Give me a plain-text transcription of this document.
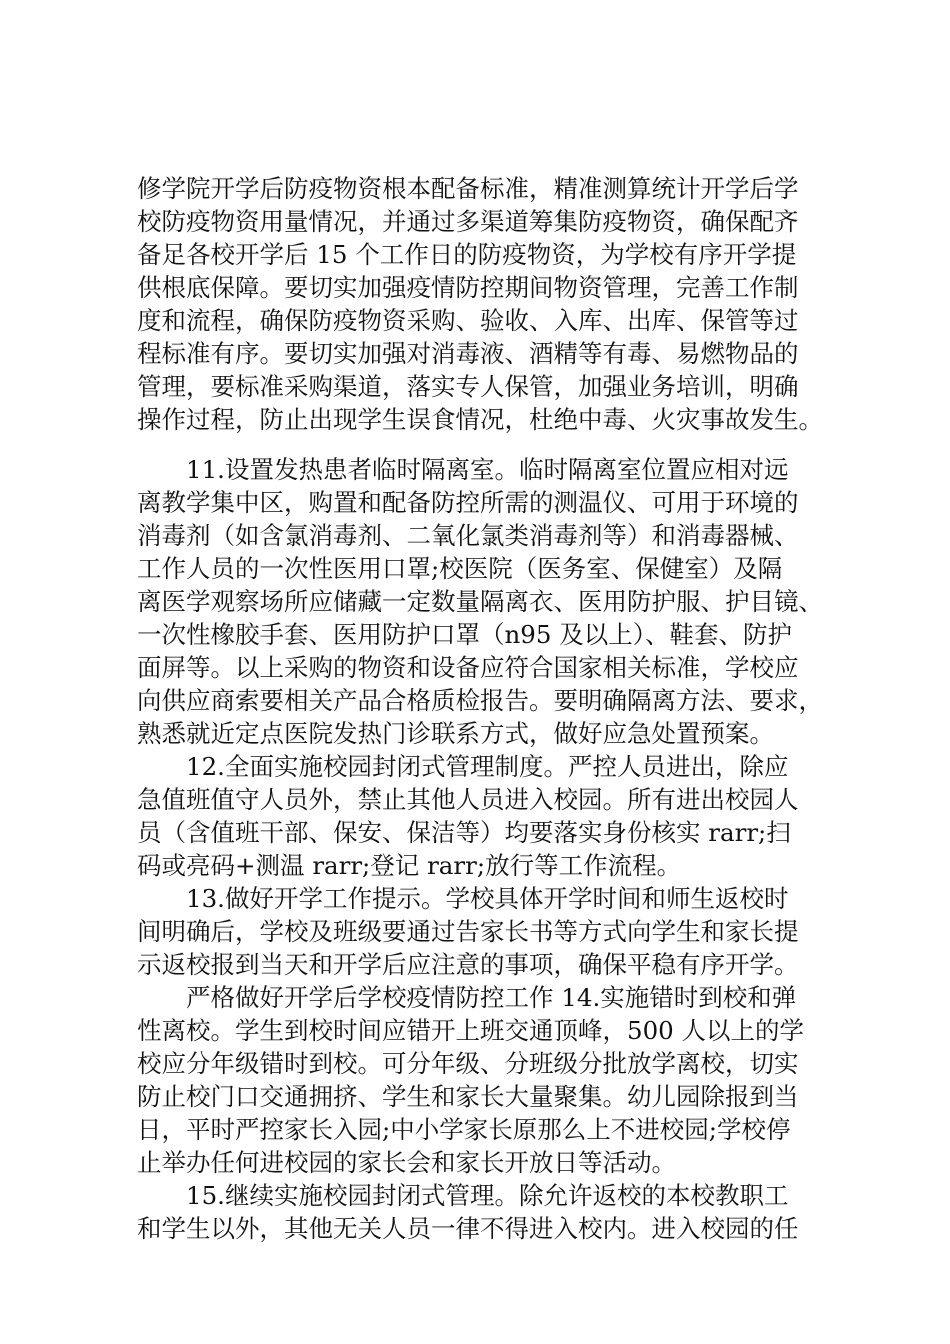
修学院开学后防疫物资根本配备标准，精准测算统计开学后学
校防疫物资用量情况，并通过多渠道筹集防疫物资，确保配齐
备足各校开学后 15 个工作日的防疫物资，为学校有序开学提
供根底保障。要切实加强疫情防控期间物资管理，完善工作制
度和流程，确保防疫物资采购、验收、入库、出库、保管等过
程标准有序。要切实加强对消毒液、酒精等有毒、易燃物品的
管理，要标准采购渠道，落实专人保管，加强业务培训，明确
操作过程，防止出现学生误食情况，杜绝中毒、火灾事故发生。
11.设置发热患者临时隔离室。临时隔离室位置应相对远
离教学集中区，购置和配备防控所需的测温仪、可用于环境的
消毒剂（如含氯消毒剂、二氧化氯类消毒剂等）和消毒器械、
工作人员的一次性医用口罩;校医院（医务室、保健室）及隔
离医学观察场所应储藏一定数量隔离衣、医用防护服、护目镜、
一次性橡胶手套、医用防护口罩（n95 及以上）、鞋套、防护
面屏等。以上采购的物资和设备应符合国家相关标准，学校应
向供应商索要相关产品合格质检报告。要明确隔离方法、要求，
熟悉就近定点医院发热门诊联系方式，做好应急处置预案。
12.全面实施校园封闭式管理制度。严控人员进出，除应
急值班值守人员外，禁止其他人员进入校园。所有进出校园人
员（含值班干部、保安、保洁等）均要落实身份核实 rarr;扫
码或亮码+测温 rarr;登记 rarr;放行等工作流程。
13.做好开学工作提示。学校具体开学时间和师生返校时
间明确后，学校及班级要通过告家长书等方式向学生和家长提
示返校报到当天和开学后应注意的事项，确保平稳有序开学。
严格做好开学后学校疫情防控工作 14.实施错时到校和弹
性离校。学生到校时间应错开上班交通顶峰，500 人以上的学
校应分年级错时到校。可分年级、分班级分批放学离校，切实
防止校门口交通拥挤、学生和家长大量聚集。幼儿园除报到当
日，平时严控家长入园;中小学家长原那么上不进校园;学校停
止举办任何进校园的家长会和家长开放日等活动。
15.继续实施校园封闭式管理。除允许返校的本校教职工
和学生以外，其他无关人员一律不得进入校内。进入校园的任
